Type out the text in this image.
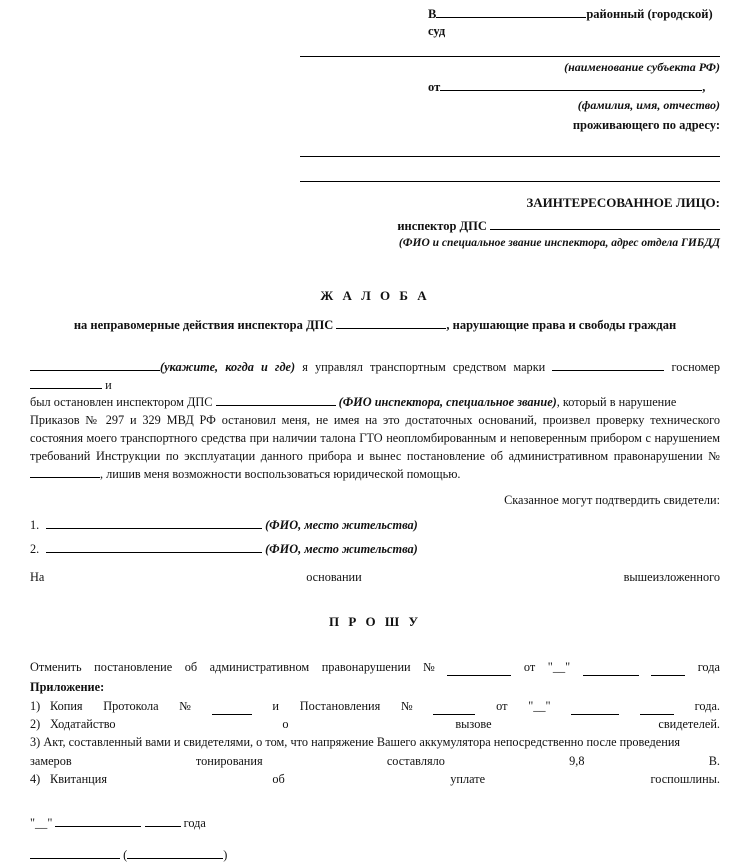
В	районный (городской) суд
(наименование субъекта РФ)
от	,
(фамилия, имя, отчество)
проживающего по адресу:
ЗАИНТЕРЕСОВАННОЕ ЛИЦО:
инспектор ДПС
(ФИО и специальное звание инспектора, адрес отдела ГИБДД
Ж А Л О Б А
на неправомерные действия инспектора ДПС	, нарушающие права и свободы граждан

(укажите, когда и где) я управлял транспортным средством марки	госномер  и

был остановлен инспектором ДПС	(ФИО инспектора, специальное звание), который в нарушение

Приказов № 297 и 329 МВД РФ остановил меня, не имея на это достаточных оснований, произвел проверку технического состояния моего транспортного средства при наличии талона ГТО неопломбированным и неповеренным прибором с нарушением требований Инструкции по эксплуатации данного прибора и вынес постановление об административном правонарушении № , лишив меня возможности воспользоваться юридической помощью.

Сказанное могут подтвердить свидетели:
1.	(ФИО, место жительства)
2.	(ФИО, место жительства)
На	основании	вышеизложенного
П Р О Ш У
Отменить постановление об административном правонарушении №	от "__"	года
Приложение:
1) Копия Протокола №	и Постановления №	от "__"	года.
2) Ходатайство	о	вызове	свидетелей.
3) Акт, составленный вами и свидетелями, о том, что напряжение Вашего аккумулятора непосредственно после проведения
замеров	тонирования	составляло	9,8	В.
4) Квитанция	об	уплате	госпошлины.
"__"	года
(	)
